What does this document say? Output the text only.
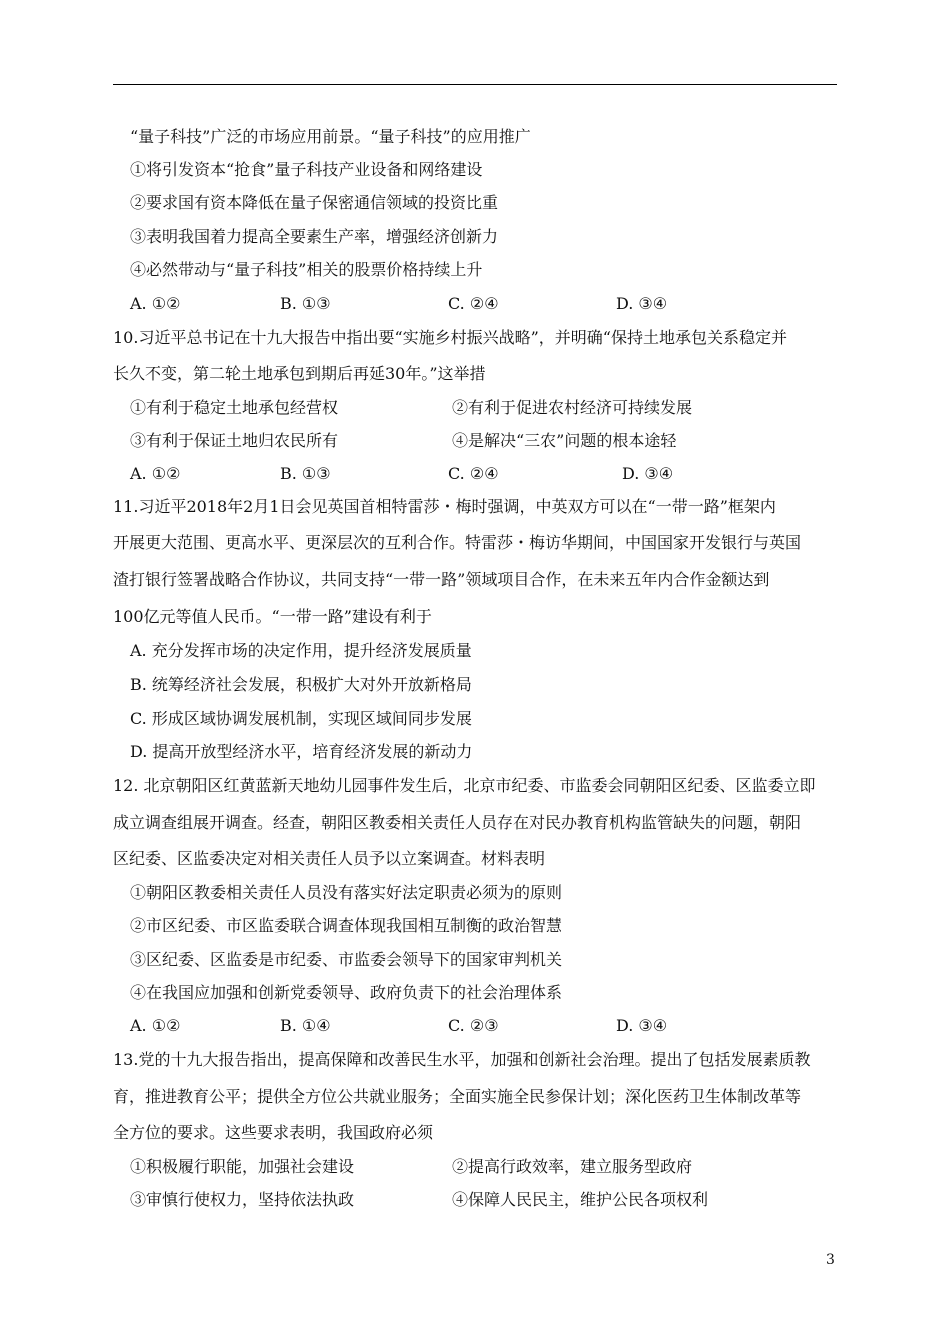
“量子科技”广泛的市场应用前景。“量子科技”的应用推广
①将引发资本“抢食”量子科技产业设备和网络建设
②要求国有资本降低在量子保密通信领域的投资比重
③表明我国着力提高全要素生产率，增强经济创新力
④必然带动与“量子科技”相关的股票价格持续上升
A. ①②	B. ①③	C. ②④	D. ③④
10.习近平总书记在十九大报告中指出要“实施乡村振兴战略”，并明确“保持土地承包关系稳定并
长久不变，第二轮土地承包到期后再延30年。”这举措
①有利于稳定土地承包经营权	②有利于促进农村经济可持续发展
③有利于保证土地归农民所有	④是解决“三农”问题的根本途轻
A. ①②	B. ①③	C. ②④	D. ③④
11.习近平2018年2月1日会见英国首相特雷莎・梅时强调，中英双方可以在“一带一路”框架内
开展更大范围、更高水平、更深层次的互利合作。特雷莎・梅访华期间，中国国家开发银行与英国
渣打银行签署战略合作协议，共同支持“一带一路”领域项目合作，在未来五年内合作金额达到
100亿元等值人民币。“一带一路”建设有利于
A. 充分发挥市场的决定作用，提升经济发展质量
B. 统筹经济社会发展，积极扩大对外开放新格局
C. 形成区域协调发展机制，实现区域间同步发展
D. 提高开放型经济水平，培育经济发展的新动力
12. 北京朝阳区红黄蓝新天地幼儿园事件发生后，北京市纪委、市监委会同朝阳区纪委、区监委立即
成立调查组展开调查。经查，朝阳区教委相关责任人员存在对民办教育机构监管缺失的问题，朝阳
区纪委、区监委决定对相关责任人员予以立案调查。材料表明
①朝阳区教委相关责任人员没有落实好法定职责必须为的原则
②市区纪委、市区监委联合调查体现我国相互制衡的政治智慧
③区纪委、区监委是市纪委、市监委会领导下的国家审判机关
④在我国应加强和创新党委领导、政府负责下的社会治理体系
A. ①②	B. ①④	C. ②③	D. ③④
13.党的十九大报告指出，提高保障和改善民生水平，加强和创新社会治理。提出了包括发展素质教
育，推进教育公平；提供全方位公共就业服务；全面实施全民参保计划；深化医药卫生体制改革等
全方位的要求。这些要求表明，我国政府必须
①积极履行职能，加强社会建设	②提高行政效率，建立服务型政府
③审慎行使权力，坚持依法执政	④保障人民民主，维护公民各项权利
3
